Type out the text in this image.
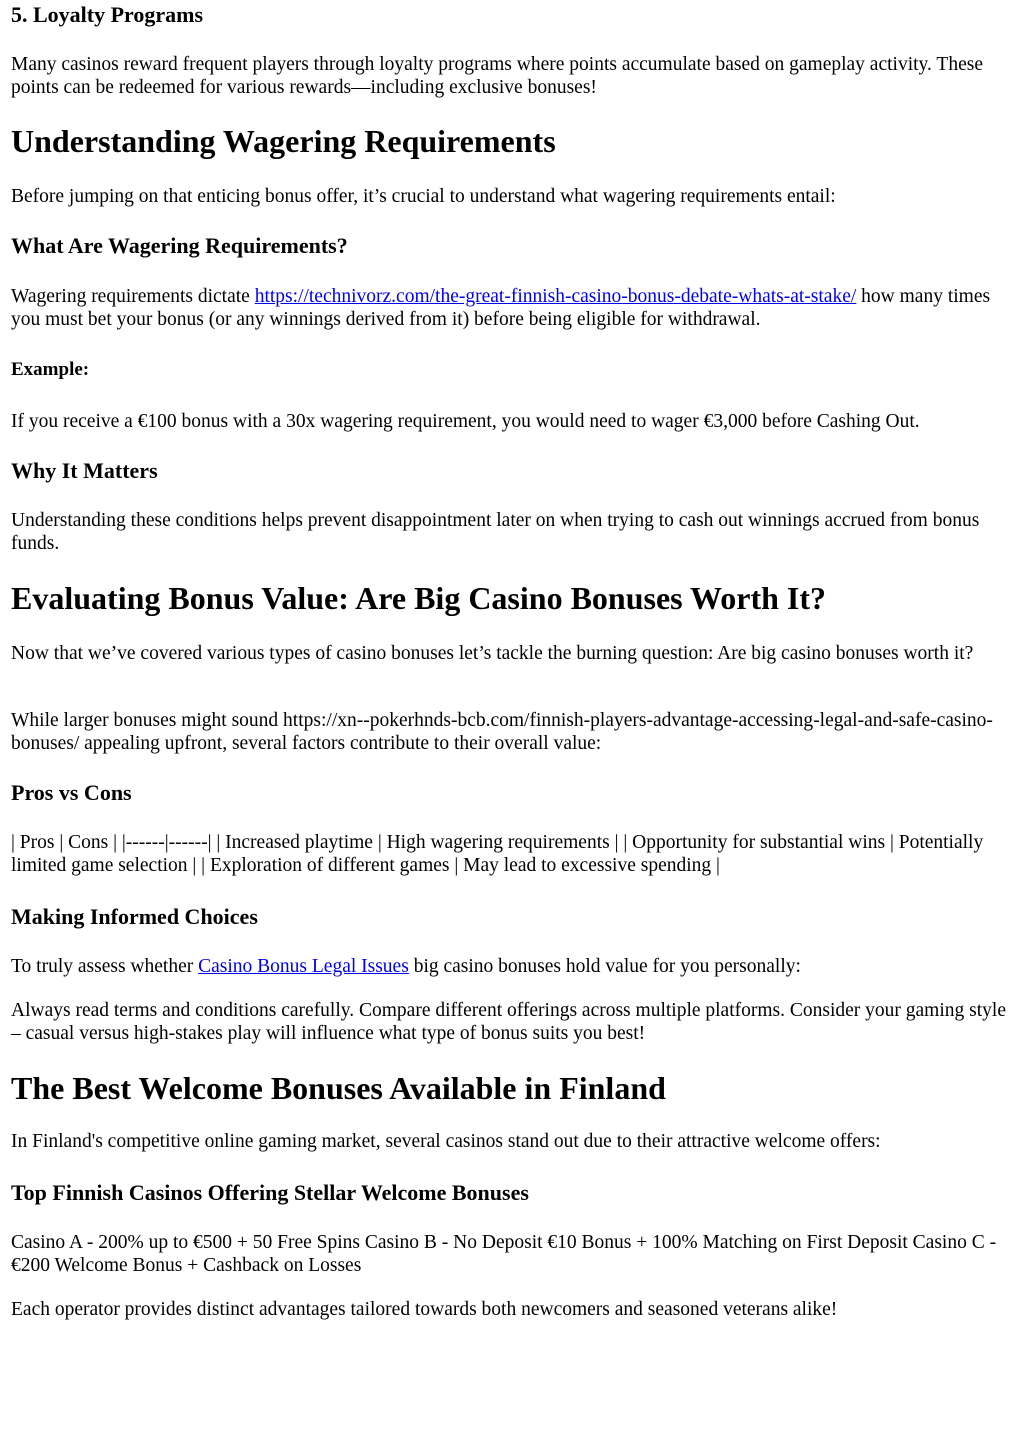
5. Loyalty Programs

Many casinos reward frequent players through loyalty programs where points accumulate based on gameplay activity. These points can be redeemed for various rewards—including exclusive bonuses!

Understanding Wagering Requirements

Before jumping on that enticing bonus offer, it’s crucial to understand what wagering requirements entail:

What Are Wagering Requirements?

Wagering requirements dictate https://technivorz.com/the-great-finnish-casino-bonus-debate-whats-at-stake/ how many times you must bet your bonus (or any winnings derived from it) before being eligible for withdrawal.

Example:

If you receive a €100 bonus with a 30x wagering requirement, you would need to wager €3,000 before Cashing Out.

Why It Matters

Understanding these conditions helps prevent disappointment later on when trying to cash out winnings accrued from bonus funds.

Evaluating Bonus Value: Are Big Casino Bonuses Worth It?

Now that we’ve covered various types of casino bonuses let’s tackle the burning question: Are big casino bonuses worth it?

While larger bonuses might sound https://xn--pokerhnds-bcb.com/finnish-players-advantage-accessing-legal-and-safe-casino-bonuses/ appealing upfront, several factors contribute to their overall value:

Pros vs Cons

| Pros | Cons | |------|------| | Increased playtime | High wagering requirements | | Opportunity for substantial wins | Potentially limited game selection | | Exploration of different games | May lead to excessive spending |

Making Informed Choices

To truly assess whether Casino Bonus Legal Issues big casino bonuses hold value for you personally:

Always read terms and conditions carefully. Compare different offerings across multiple platforms. Consider your gaming style – casual versus high-stakes play will influence what type of bonus suits you best!

The Best Welcome Bonuses Available in Finland

In Finland's competitive online gaming market, several casinos stand out due to their attractive welcome offers:

Top Finnish Casinos Offering Stellar Welcome Bonuses

Casino A - 200% up to €500 + 50 Free Spins Casino B - No Deposit €10 Bonus + 100% Matching on First Deposit Casino C - €200 Welcome Bonus + Cashback on Losses

Each operator provides distinct advantages tailored towards both newcomers and seasoned veterans alike!
